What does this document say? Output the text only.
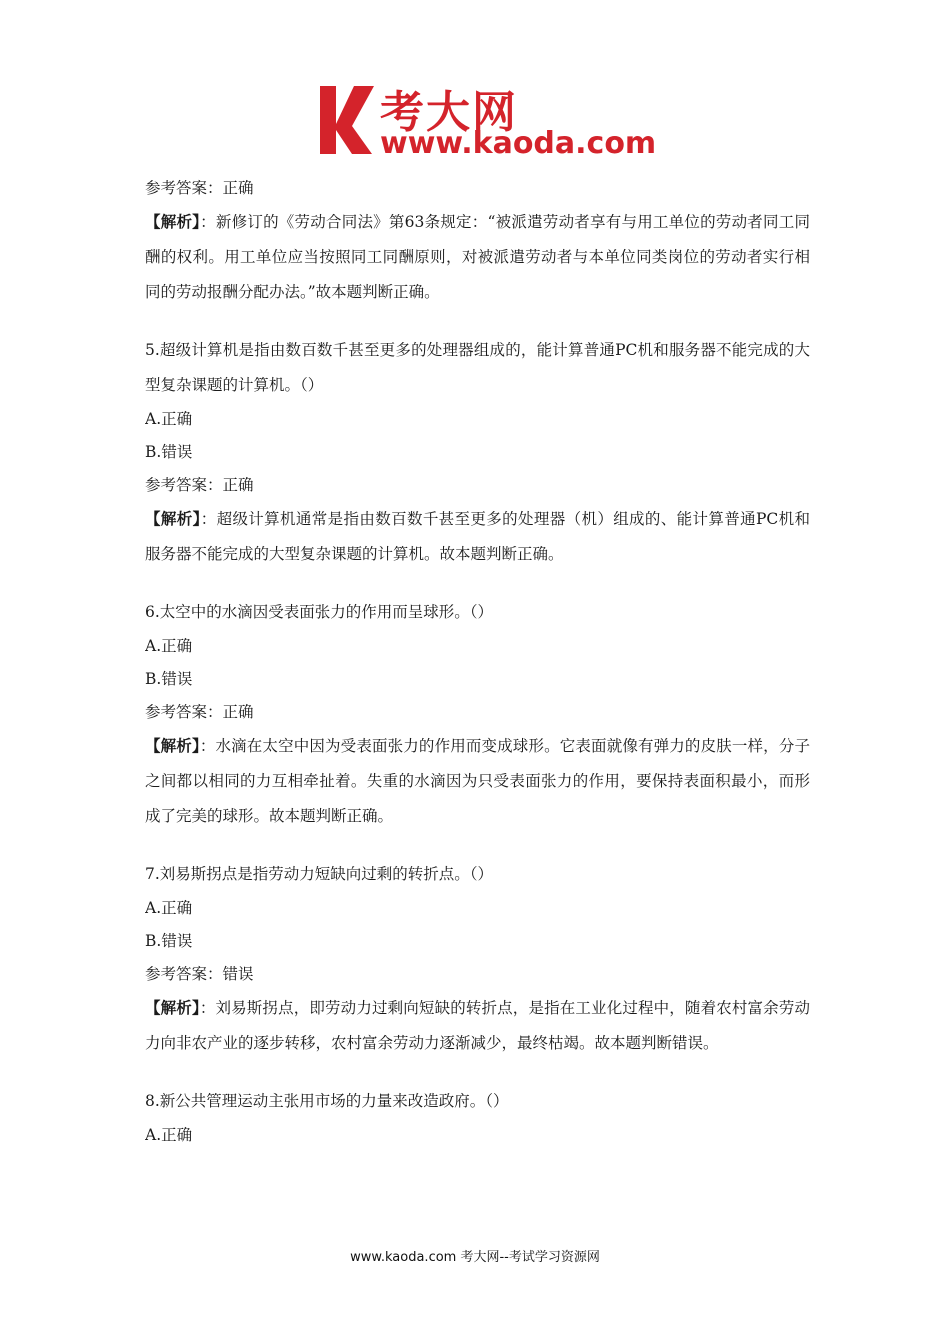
考大网
www.kaoda.com
参考答案：正确
【解析】：新修订的《劳动合同法》第63条规定：“被派遣劳动者享有与用工单位的劳动者同工同酬的权利。用工单位应当按照同工同酬原则，对被派遣劳动者与本单位同类岗位的劳动者实行相同的劳动报酬分配办法。”故本题判断正确。
5.超级计算机是指由数百数千甚至更多的处理器组成的，能计算普通PC机和服务器不能完成的大型复杂课题的计算机。（）
A.正确
B.错误
参考答案：正确
【解析】：超级计算机通常是指由数百数千甚至更多的处理器（机）组成的、能计算普通PC机和服务器不能完成的大型复杂课题的计算机。故本题判断正确。
6.太空中的水滴因受表面张力的作用而呈球形。（）
A.正确
B.错误
参考答案：正确
【解析】：水滴在太空中因为受表面张力的作用而变成球形。它表面就像有弹力的皮肤一样，分子之间都以相同的力互相牵扯着。失重的水滴因为只受表面张力的作用，要保持表面积最小，而形成了完美的球形。故本题判断正确。
7.刘易斯拐点是指劳动力短缺向过剩的转折点。（）
A.正确
B.错误
参考答案：错误
【解析】：刘易斯拐点，即劳动力过剩向短缺的转折点，是指在工业化过程中，随着农村富余劳动力向非农产业的逐步转移，农村富余劳动力逐渐减少，最终枯竭。故本题判断错误。
8.新公共管理运动主张用市场的力量来改造政府。（）
A.正确
www.kaoda.com 考大网--考试学习资源网
